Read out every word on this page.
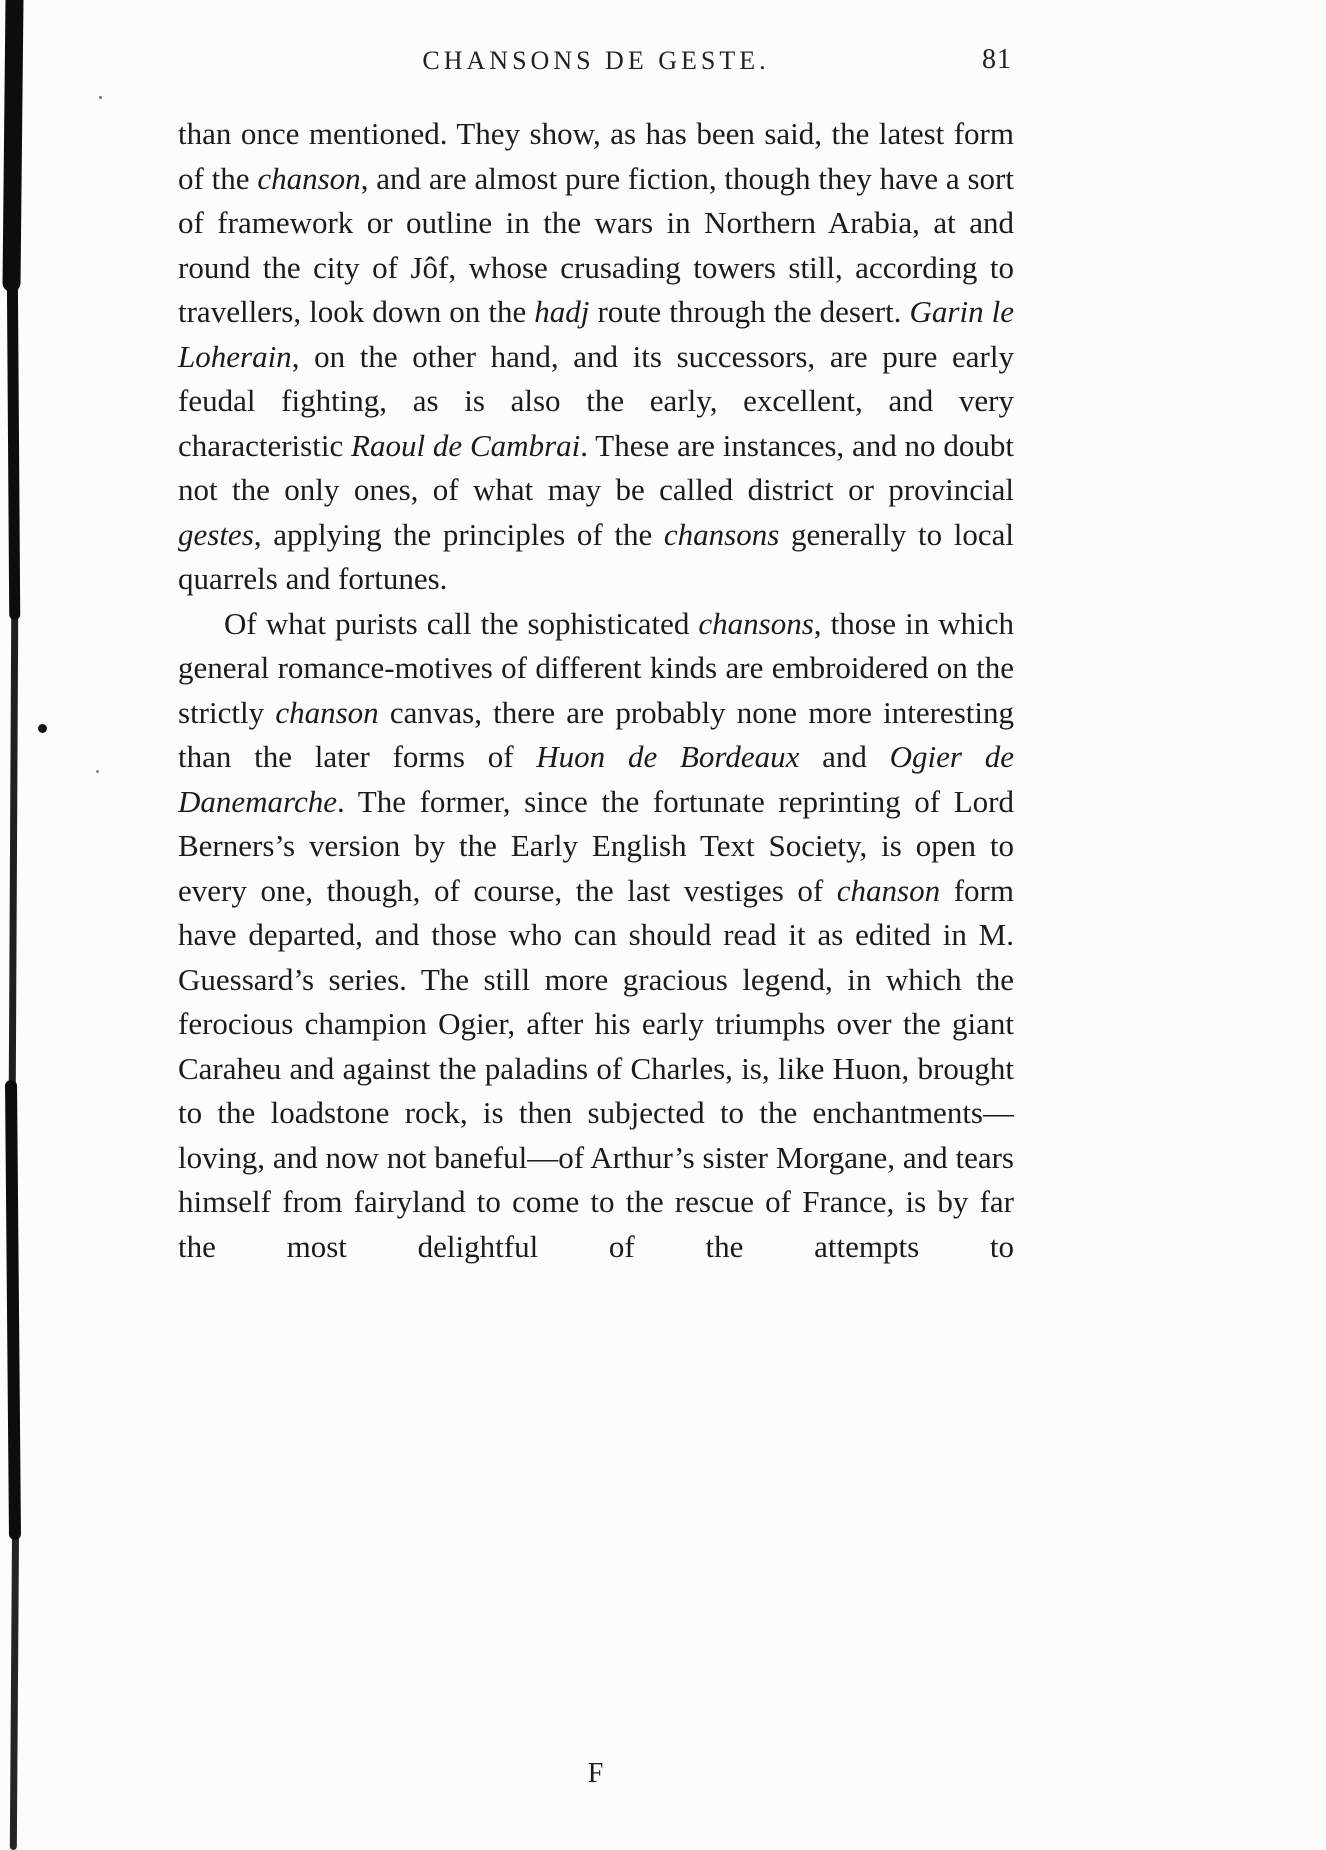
CHANSONS DE GESTE.	81

than once mentioned. They show, as has been said, the latest form of the chanson, and are almost pure fiction, though they have a sort of framework or outline in the wars in Northern Arabia, at and round the city of Jôf, whose crusading towers still, according to travellers, look down on the hadj route through the desert. Garin le Loherain, on the other hand, and its successors, are pure early feudal fighting, as is also the early, excellent, and very characteristic Raoul de Cambrai. These are instances, and no doubt not the only ones, of what may be called district or provincial gestes, applying the principles of the chansons generally to local quarrels and fortunes.

Of what purists call the sophisticated chansons, those in which general romance-motives of different kinds are embroidered on the strictly chanson canvas, there are probably none more interesting than the later forms of Huon de Bordeaux and Ogier de Danemarche. The former, since the fortunate reprinting of Lord Berners’s version by the Early English Text Society, is open to every one, though, of course, the last vestiges of chanson form have departed, and those who can should read it as edited in M. Guessard’s series. The still more gracious legend, in which the ferocious champion Ogier, after his early triumphs over the giant Caraheu and against the paladins of Charles, is, like Huon, brought to the loadstone rock, is then subjected to the enchantments—loving, and now not baneful—of Arthur’s sister Morgane, and tears himself from fairyland to come to the rescue of France, is by far the most delightful of the attempts to

F
